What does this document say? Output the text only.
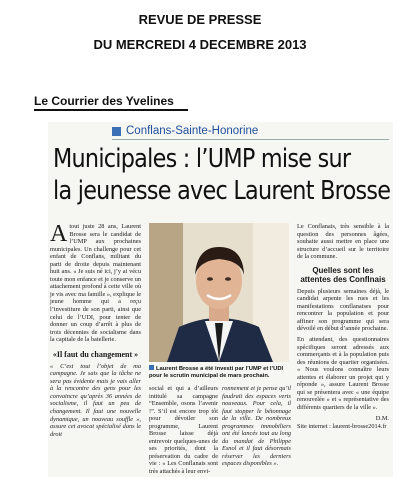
REVUE DE PRESSE
DU MERCREDI 4 DECEMBRE 2013
Le Courrier des Yvelines
Conflans-Sainte-Honorine
Municipales : l’UMP mise sur
la jeunesse avec Laurent Brosse

Atout juste 28 ans, Laurent Brosse sera le candidat de l’UMP aux prochaines municipales. Un challenge pour cet enfant de Conflans, militant du parti de droite depuis maintenant huit ans. « Je suis né ici, j’y ai vécu toute mon enfance et je conserve un attachement profond à cette ville où je vis avec ma famille », explique le jeune homme qui a reçu l’investiture de son parti, ainsi que celui de l’UDI, pour tenter de donner un coup d’arrêt à plus de trois décennies de socialisme dans la capitale de la batellerie.

«Il faut du changement »

« C’est tout l’objet de ma campagne. Je sais que la tâche ne sera pas évidente mais je vais aller à la rencontre des gens pour les convaincre qu’après 36 années de socialisme, il faut un peu de changement. Il faut une nouvelle dynamique, un nouveau souffle », assure cet avocat spécialisé dans le droit

Laurent Brosse a été investi par l’UMP et l’UDI pour le scrutin municipal de mars prochain.

social et qui a d’ailleurs intitulé sa campagne “Ensemble, osons l’avenir !”. S’il est encore trop tôt pour dévoiler son programme, Laurent Brosse laisse déjà entrevoir quelques-unes de ses priorités, dont la préservation du cadre de vie : « Les Conflanais sont très attachés à leur envi-

ronnement et je pense qu’il faudrait des espaces verts nouveaux. Pour cela, il faut stopper le bétonnage de la ville. De nombreux programmes immobiliers ont été lancés tout au long du mandat de Philippe Esnol et il faut désormais réserver les derniers espaces disponibles ».

Le Conflanais, très sensible à la question des personnes âgées, souhaite aussi mettre en place une structure d’accueil sur le territoire de la commune.

Quelles sont les attentes des Conflnais

Depuis plusieurs semaines déjà, le candidat arpente les rues et les manifestations conflanaises pour rencontrer la population et pour affiner son programme qui sera dévoilé en début d’année prochaine.

En attendant, des questionnaires spécifiques seront adressés aux commerçants et à la population puis des réunions de quartier organisées. « Nous voulons connaître leurs attentes et élaborer un projet qui y réponde », assure Laurent Brosse qui se présentera avec « une équipe renouvelée » et « représentative des différents quartiers de la ville ».

D.M.
Site internet : laurent-brosse2014.fr
